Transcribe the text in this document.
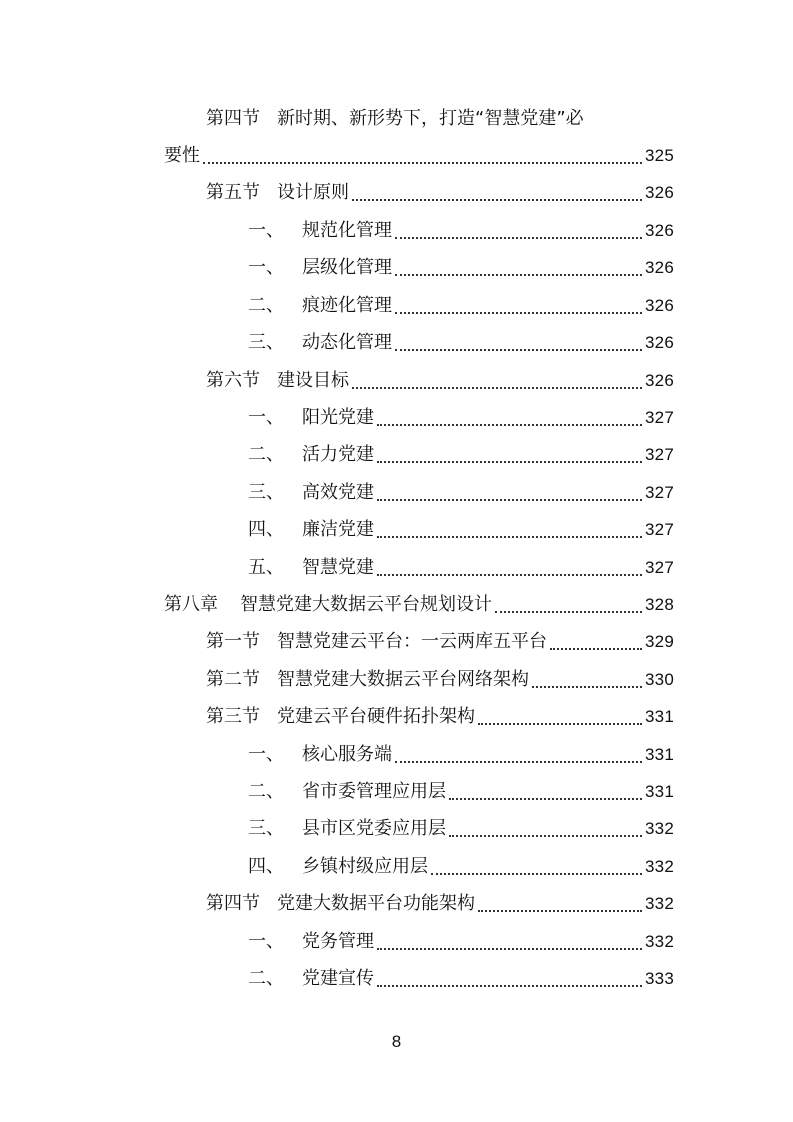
第四节 新时期、新形势下，打造“智慧党建”必
要性	325
第五节 设计原则	326
一、	规范化管理	326
一、	层级化管理	326
二、	痕迹化管理	326
三、	动态化管理	326
第六节 建设目标	326
一、	阳光党建	327
二、	活力党建	327
三、	高效党建	327
四、	廉洁党建	327
五、	智慧党建	327
第八章	智慧党建大数据云平台规划设计	328
第一节 智慧党建云平台：一云两库五平台	329
第二节 智慧党建大数据云平台网络架构	330
第三节 党建云平台硬件拓扑架构	331
一、	核心服务端	331
二、	省市委管理应用层	331
三、	县市区党委应用层	332
四、	乡镇村级应用层	332
第四节 党建大数据平台功能架构	332
一、	党务管理	332
二、	党建宣传	333
8
